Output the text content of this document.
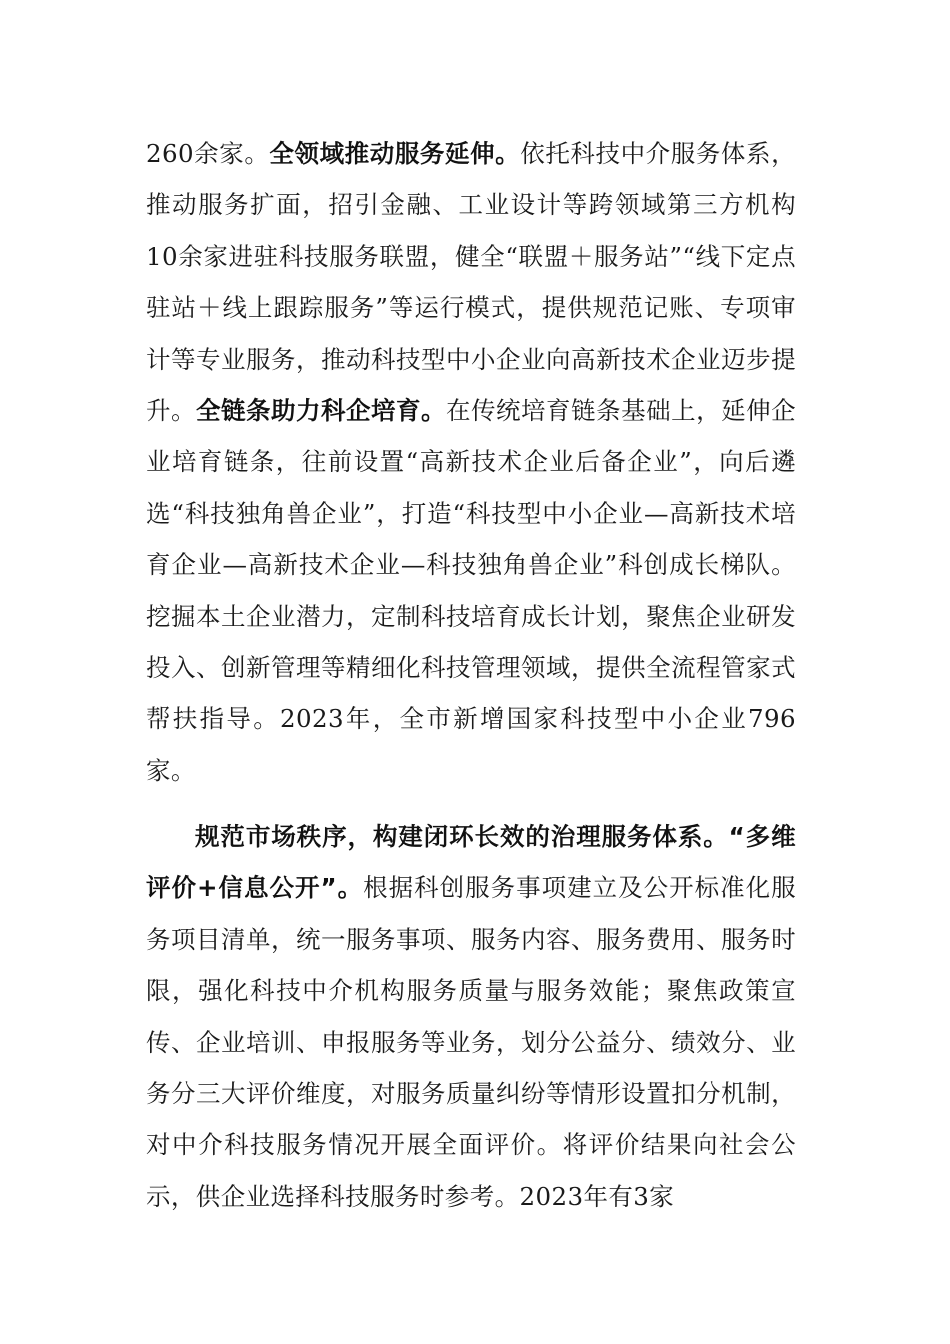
260余家。全领域推动服务延伸。依托科技中介服务体系，推动服务扩面，招引金融、工业设计等跨领域第三方机构10余家进驻科技服务联盟，健全“联盟＋服务站”“线下定点驻站＋线上跟踪服务”等运行模式，提供规范记账、专项审计等专业服务，推动科技型中小企业向高新技术企业迈步提升。全链条助力科企培育。在传统培育链条基础上，延伸企业培育链条，往前设置“高新技术企业后备企业”，向后遴选“科技独角兽企业”，打造“科技型中小企业—高新技术培育企业—高新技术企业—科技独角兽企业”科创成长梯队。挖掘本土企业潜力，定制科技培育成长计划，聚焦企业研发投入、创新管理等精细化科技管理领域，提供全流程管家式帮扶指导。2023年，全市新增国家科技型中小企业796家。

规范市场秩序，构建闭环长效的治理服务体系。“多维评价+信息公开”。根据科创服务事项建立及公开标准化服务项目清单，统一服务事项、服务内容、服务费用、服务时限，强化科技中介机构服务质量与服务效能；聚焦政策宣传、企业培训、申报服务等业务，划分公益分、绩效分、业务分三大评价维度，对服务质量纠纷等情形设置扣分机制，对中介科技服务情况开展全面评价。将评价结果向社会公示，供企业选择科技服务时参考。2023年有3家
